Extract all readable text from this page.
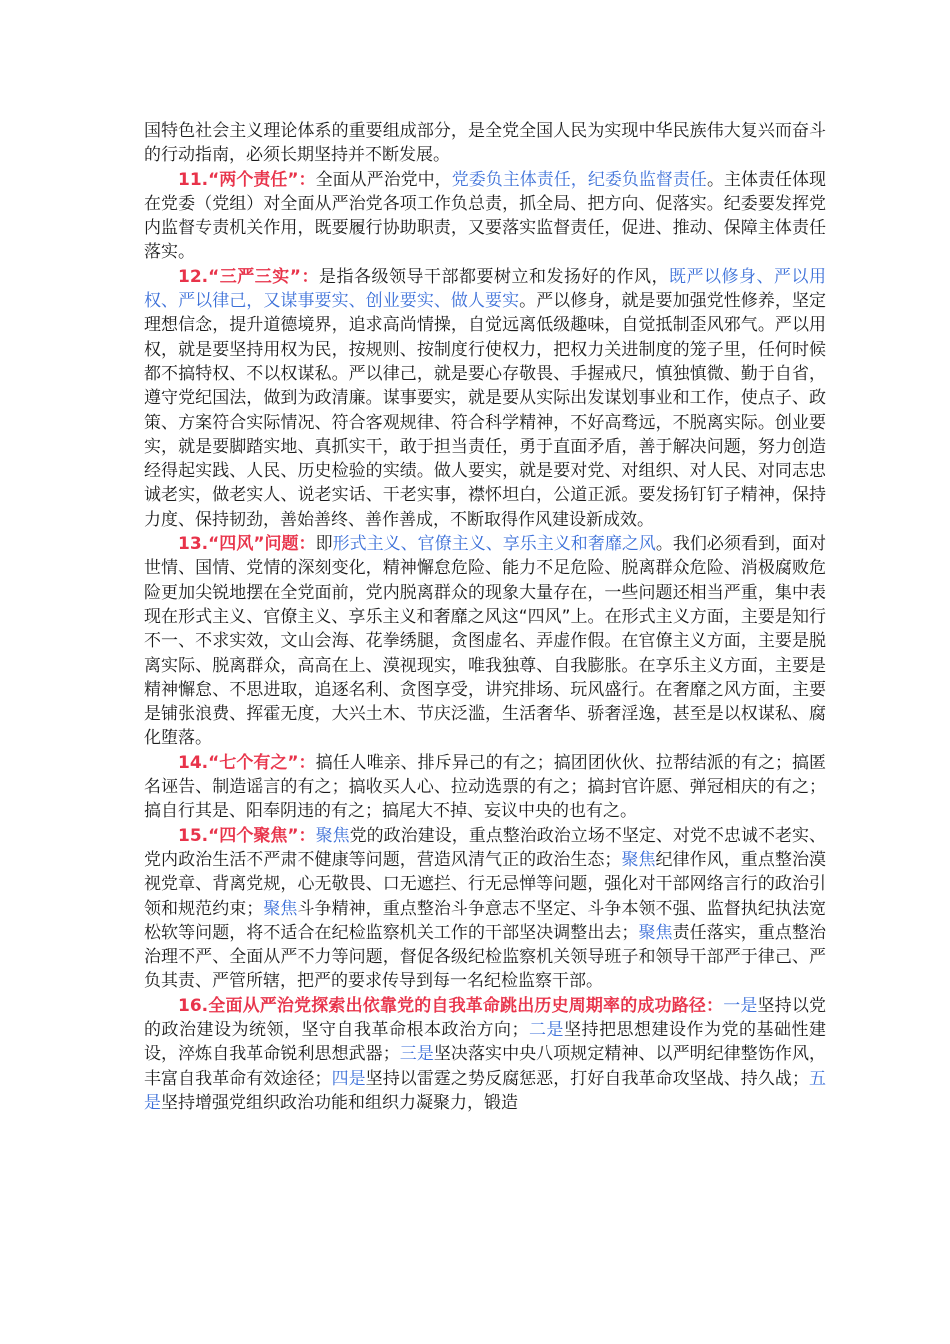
国特色社会主义理论体系的重要组成部分，是全党全国人民为实现中华民族伟大复兴而奋斗的行动指南，必须长期坚持并不断发展。

11.“两个责任”：全面从严治党中，党委负主体责任，纪委负监督责任。主体责任体现在党委（党组）对全面从严治党各项工作负总责，抓全局、把方向、促落实。纪委要发挥党内监督专责机关作用，既要履行协助职责，又要落实监督责任，促进、推动、保障主体责任落实。

12.“三严三实”：是指各级领导干部都要树立和发扬好的作风，既严以修身、严以用权、严以律己，又谋事要实、创业要实、做人要实。严以修身，就是要加强党性修养，坚定理想信念，提升道德境界，追求高尚情操，自觉远离低级趣味，自觉抵制歪风邪气。严以用权，就是要坚持用权为民，按规则、按制度行使权力，把权力关进制度的笼子里，任何时候都不搞特权、不以权谋私。严以律己，就是要心存敬畏、手握戒尺，慎独慎微、勤于自省，遵守党纪国法，做到为政清廉。谋事要实，就是要从实际出发谋划事业和工作，使点子、政策、方案符合实际情况、符合客观规律、符合科学精神，不好高骛远，不脱离实际。创业要实，就是要脚踏实地、真抓实干，敢于担当责任，勇于直面矛盾，善于解决问题，努力创造经得起实践、人民、历史检验的实绩。做人要实，就是要对党、对组织、对人民、对同志忠诚老实，做老实人、说老实话、干老实事，襟怀坦白，公道正派。要发扬钉钉子精神，保持力度、保持韧劲，善始善终、善作善成，不断取得作风建设新成效。

13.“四风”问题：即形式主义、官僚主义、享乐主义和奢靡之风。我们必须看到，面对世情、国情、党情的深刻变化，精神懈怠危险、能力不足危险、脱离群众危险、消极腐败危险更加尖锐地摆在全党面前，党内脱离群众的现象大量存在，一些问题还相当严重，集中表现在形式主义、官僚主义、享乐主义和奢靡之风这“四风”上。在形式主义方面，主要是知行不一、不求实效，文山会海、花拳绣腿，贪图虚名、弄虚作假。在官僚主义方面，主要是脱离实际、脱离群众，高高在上、漠视现实，唯我独尊、自我膨胀。在享乐主义方面，主要是精神懈怠、不思进取，追逐名利、贪图享受，讲究排场、玩风盛行。在奢靡之风方面，主要是铺张浪费、挥霍无度，大兴土木、节庆泛滥，生活奢华、骄奢淫逸，甚至是以权谋私、腐化堕落。

14.“七个有之”：搞任人唯亲、排斥异己的有之；搞团团伙伙、拉帮结派的有之；搞匿名诬告、制造谣言的有之；搞收买人心、拉动选票的有之；搞封官许愿、弹冠相庆的有之；搞自行其是、阳奉阴违的有之；搞尾大不掉、妄议中央的也有之。

15.“四个聚焦”：聚焦党的政治建设，重点整治政治立场不坚定、对党不忠诚不老实、党内政治生活不严肃不健康等问题，营造风清气正的政治生态；聚焦纪律作风，重点整治漠视党章、背离党规，心无敬畏、口无遮拦、行无忌惮等问题，强化对干部网络言行的政治引领和规范约束；聚焦斗争精神，重点整治斗争意志不坚定、斗争本领不强、监督执纪执法宽松软等问题，将不适合在纪检监察机关工作的干部坚决调整出去；聚焦责任落实，重点整治治理不严、全面从严不力等问题，督促各级纪检监察机关领导班子和领导干部严于律己、严负其责、严管所辖，把严的要求传导到每一名纪检监察干部。

16.全面从严治党探索出依靠党的自我革命跳出历史周期率的成功路径：一是坚持以党的政治建设为统领，坚守自我革命根本政治方向；二是坚持把思想建设作为党的基础性建设，淬炼自我革命锐利思想武器；三是坚决落实中央八项规定精神、以严明纪律整饬作风，丰富自我革命有效途径；四是坚持以雷霆之势反腐惩恶，打好自我革命攻坚战、持久战；五是坚持增强党组织政治功能和组织力凝聚力，锻造
